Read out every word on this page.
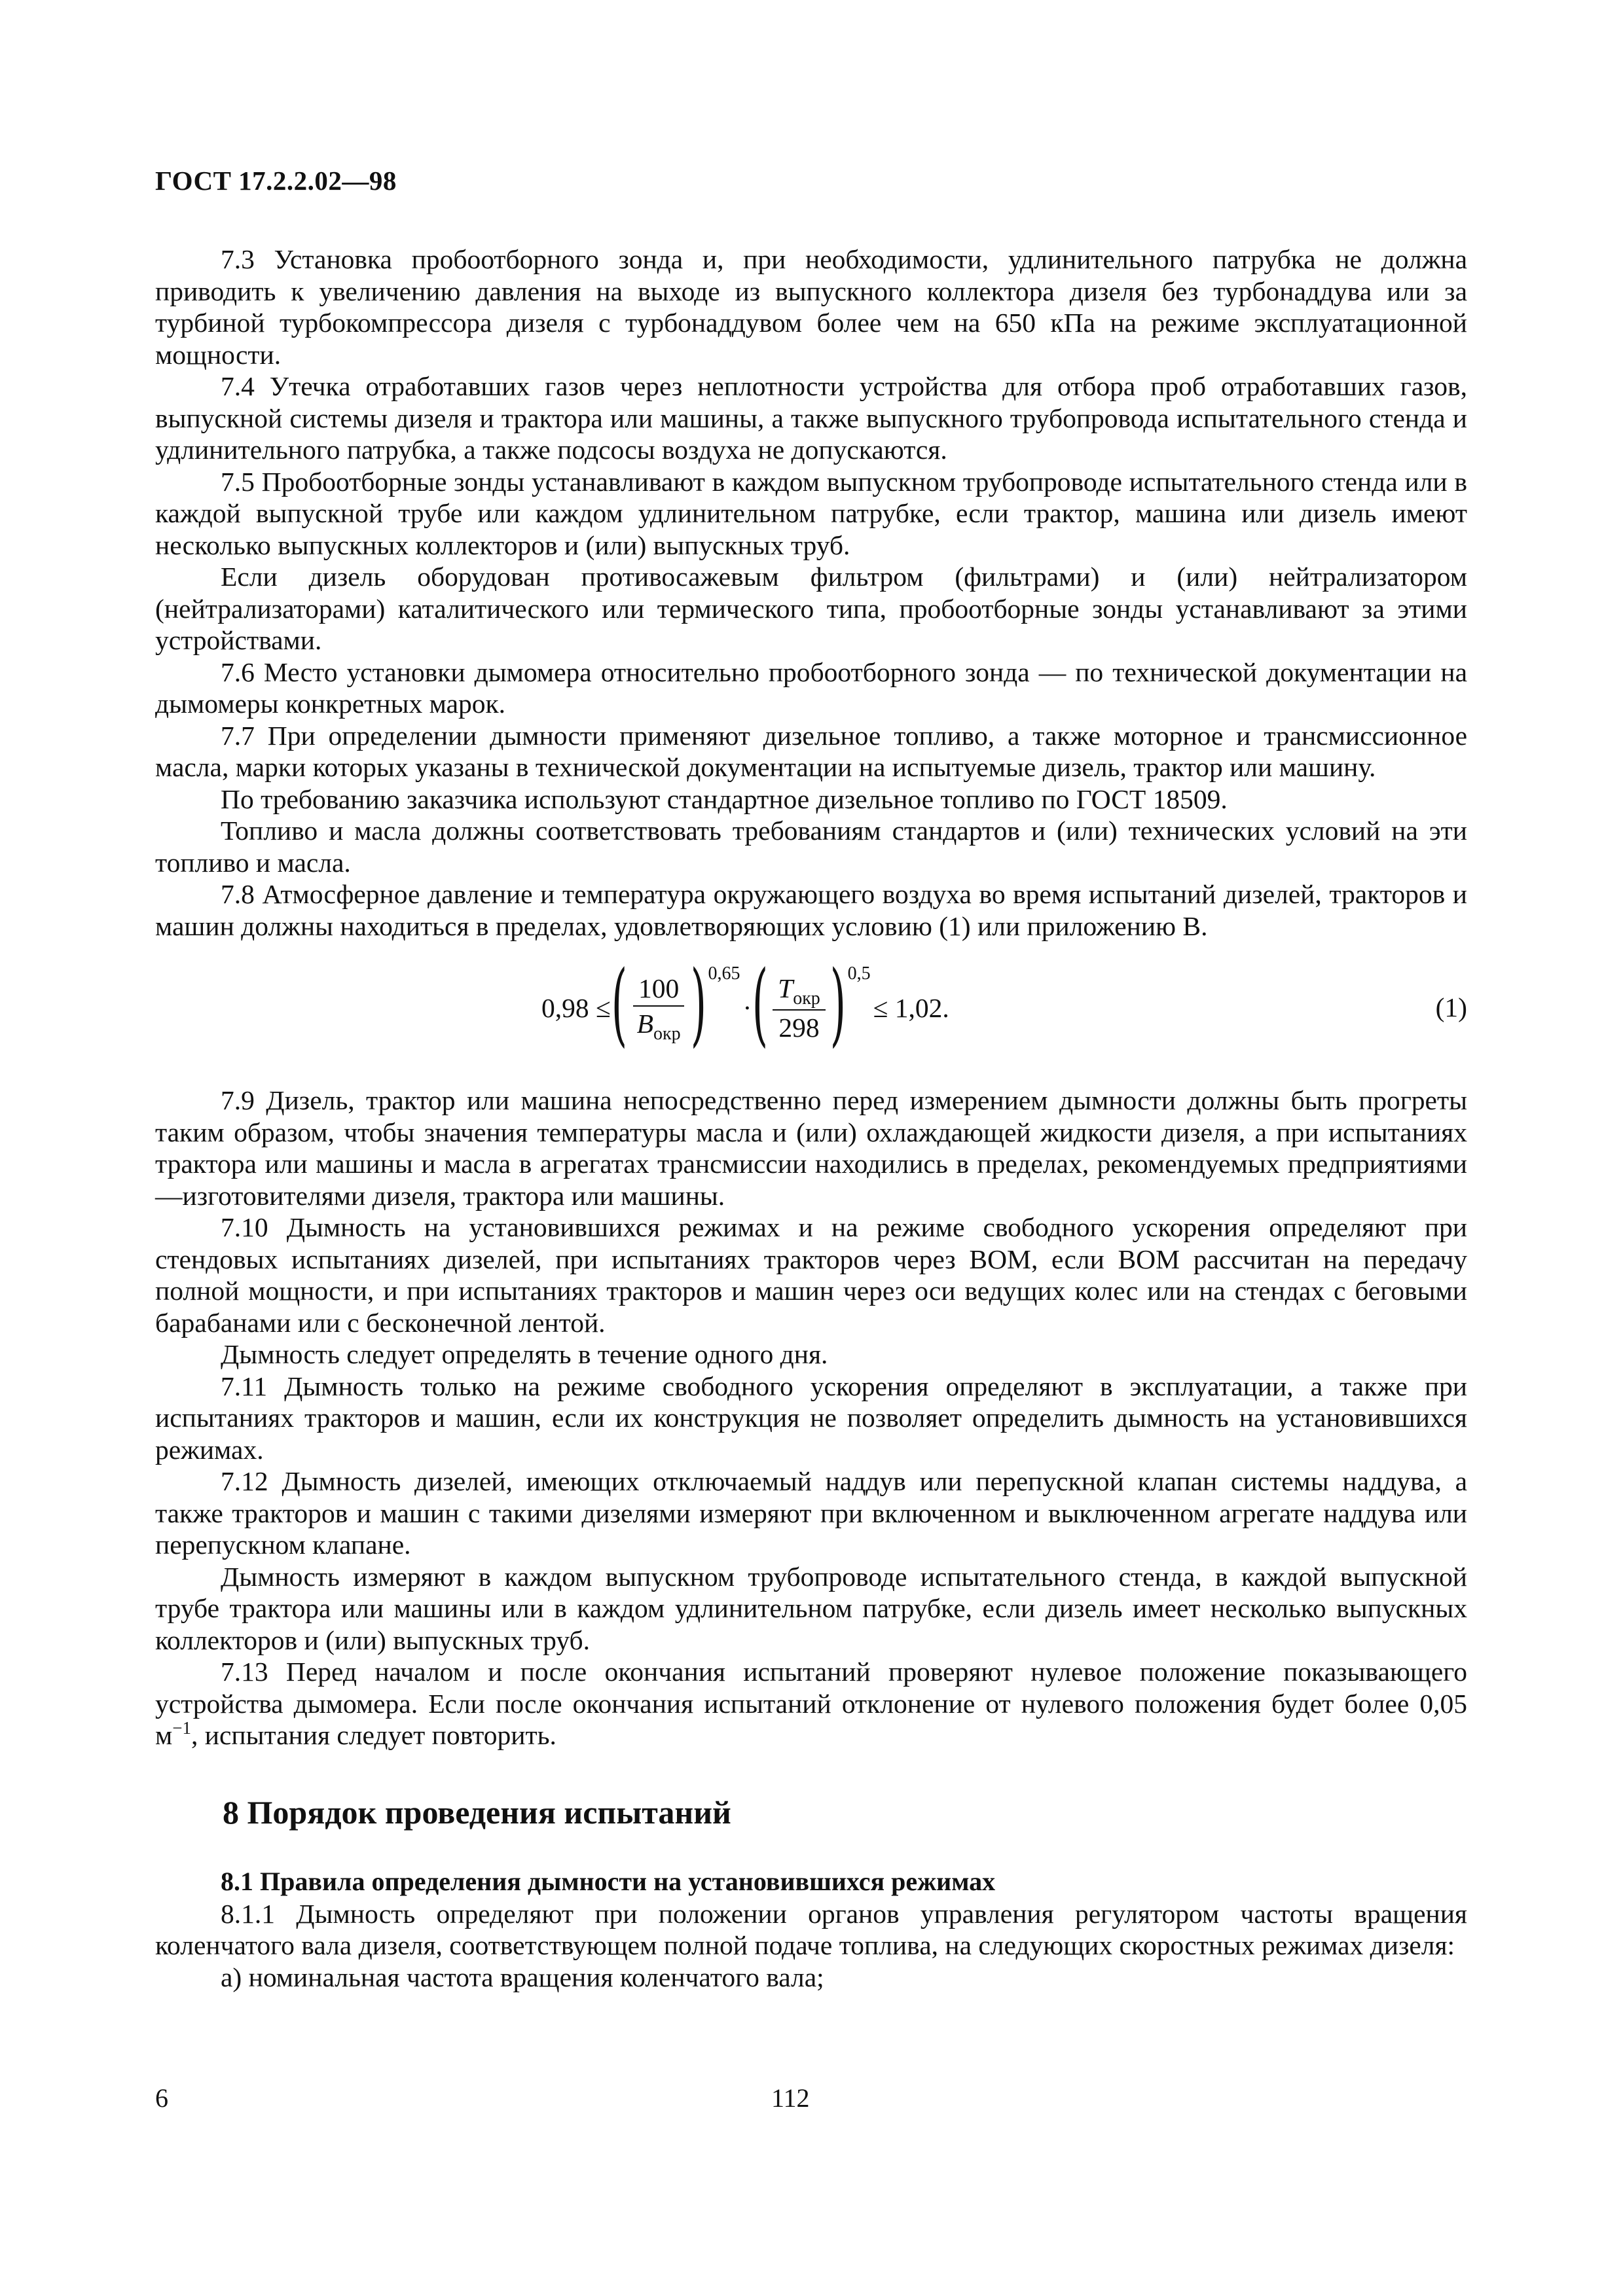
ГОСТ 17.2.2.02—98

7.3 Установка пробоотборного зонда и, при необходимости, удлинительного патрубка не должна приводить к увеличению давления на выходе из выпускного коллектора дизеля без турбонаддува или за турбиной турбокомпрессора дизеля с турбонаддувом более чем на 650 кПа на режиме эксплуатационной мощности.

7.4 Утечка отработавших газов через неплотности устройства для отбора проб отработавших газов, выпускной системы дизеля и трактора или машины, а также выпускного трубопровода испытательного стенда и удлинительного патрубка, а также подсосы воздуха не допускаются.

7.5 Пробоотборные зонды устанавливают в каждом выпускном трубопроводе испытательного стенда или в каждой выпускной трубе или каждом удлинительном патрубке, если трактор, машина или дизель имеют несколько выпускных коллекторов и (или) выпускных труб.

Если дизель оборудован противосажевым фильтром (фильтрами) и (или) нейтрализатором (нейтрализаторами) каталитического или термического типа, пробоотборные зонды устанавливают за этими устройствами.

7.6 Место установки дымомера относительно пробоотборного зонда — по технической документации на дымомеры конкретных марок.

7.7 При определении дымности применяют дизельное топливо, а также моторное и трансмиссионное масла, марки которых указаны в технической документации на испытуемые дизель, трактор или машину.

По требованию заказчика используют стандартное дизельное топливо по ГОСТ 18509.

Топливо и масла должны соответствовать требованиям стандартов и (или) технических условий на эти топливо и масла.

7.8 Атмосферное давление и температура окружающего воздуха во время испытаний дизелей, тракторов и машин должны находиться в пределах, удовлетворяющих условию (1) или приложению В.

0,98 ≤ ( $\frac{100}{B_{окр}}$ ) 0,65
· ( $\frac{T_{окр}}{298}$ ) 0,5
≤ 1,02.	(1)

7.9 Дизель, трактор или машина непосредственно перед измерением дымности должны быть прогреты таким образом, чтобы значения температуры масла и (или) охлаждающей жидкости дизеля, а при испытаниях трактора или машины и масла в агрегатах трансмиссии находились в пределах, рекомендуемых предприятиями—изготовителями дизеля, трактора или машины.

7.10 Дымность на установившихся режимах и на режиме свободного ускорения определяют при стендовых испытаниях дизелей, при испытаниях тракторов через ВОМ, если ВОМ рассчитан на передачу полной мощности, и при испытаниях тракторов и машин через оси ведущих колес или на стендах с беговыми барабанами или с бесконечной лентой.

Дымность следует определять в течение одного дня.

7.11 Дымность только на режиме свободного ускорения определяют в эксплуатации, а также при испытаниях тракторов и машин, если их конструкция не позволяет определить дымность на установившихся режимах.

7.12 Дымность дизелей, имеющих отключаемый наддув или перепускной клапан системы наддува, а также тракторов и машин с такими дизелями измеряют при включенном и выключенном агрегате наддува или перепускном клапане.

Дымность измеряют в каждом выпускном трубопроводе испытательного стенда, в каждой выпускной трубе трактора или машины или в каждом удлинительном патрубке, если дизель имеет несколько выпускных коллекторов и (или) выпускных труб.

7.13 Перед началом и после окончания испытаний проверяют нулевое положение показывающего устройства дымомера. Если после окончания испытаний отклонение от нулевого положения будет более 0,05 $м^{-1}$, испытания следует повторить.

8 Порядок проведения испытаний
8.1 Правила определения дымности на установившихся режимах

8.1.1 Дымность определяют при положении органов управления регулятором частоты вращения коленчатого вала дизеля, соответствующем полной подаче топлива, на следующих скоростных режимах дизеля:

а) номинальная частота вращения коленчатого вала;

6	112
